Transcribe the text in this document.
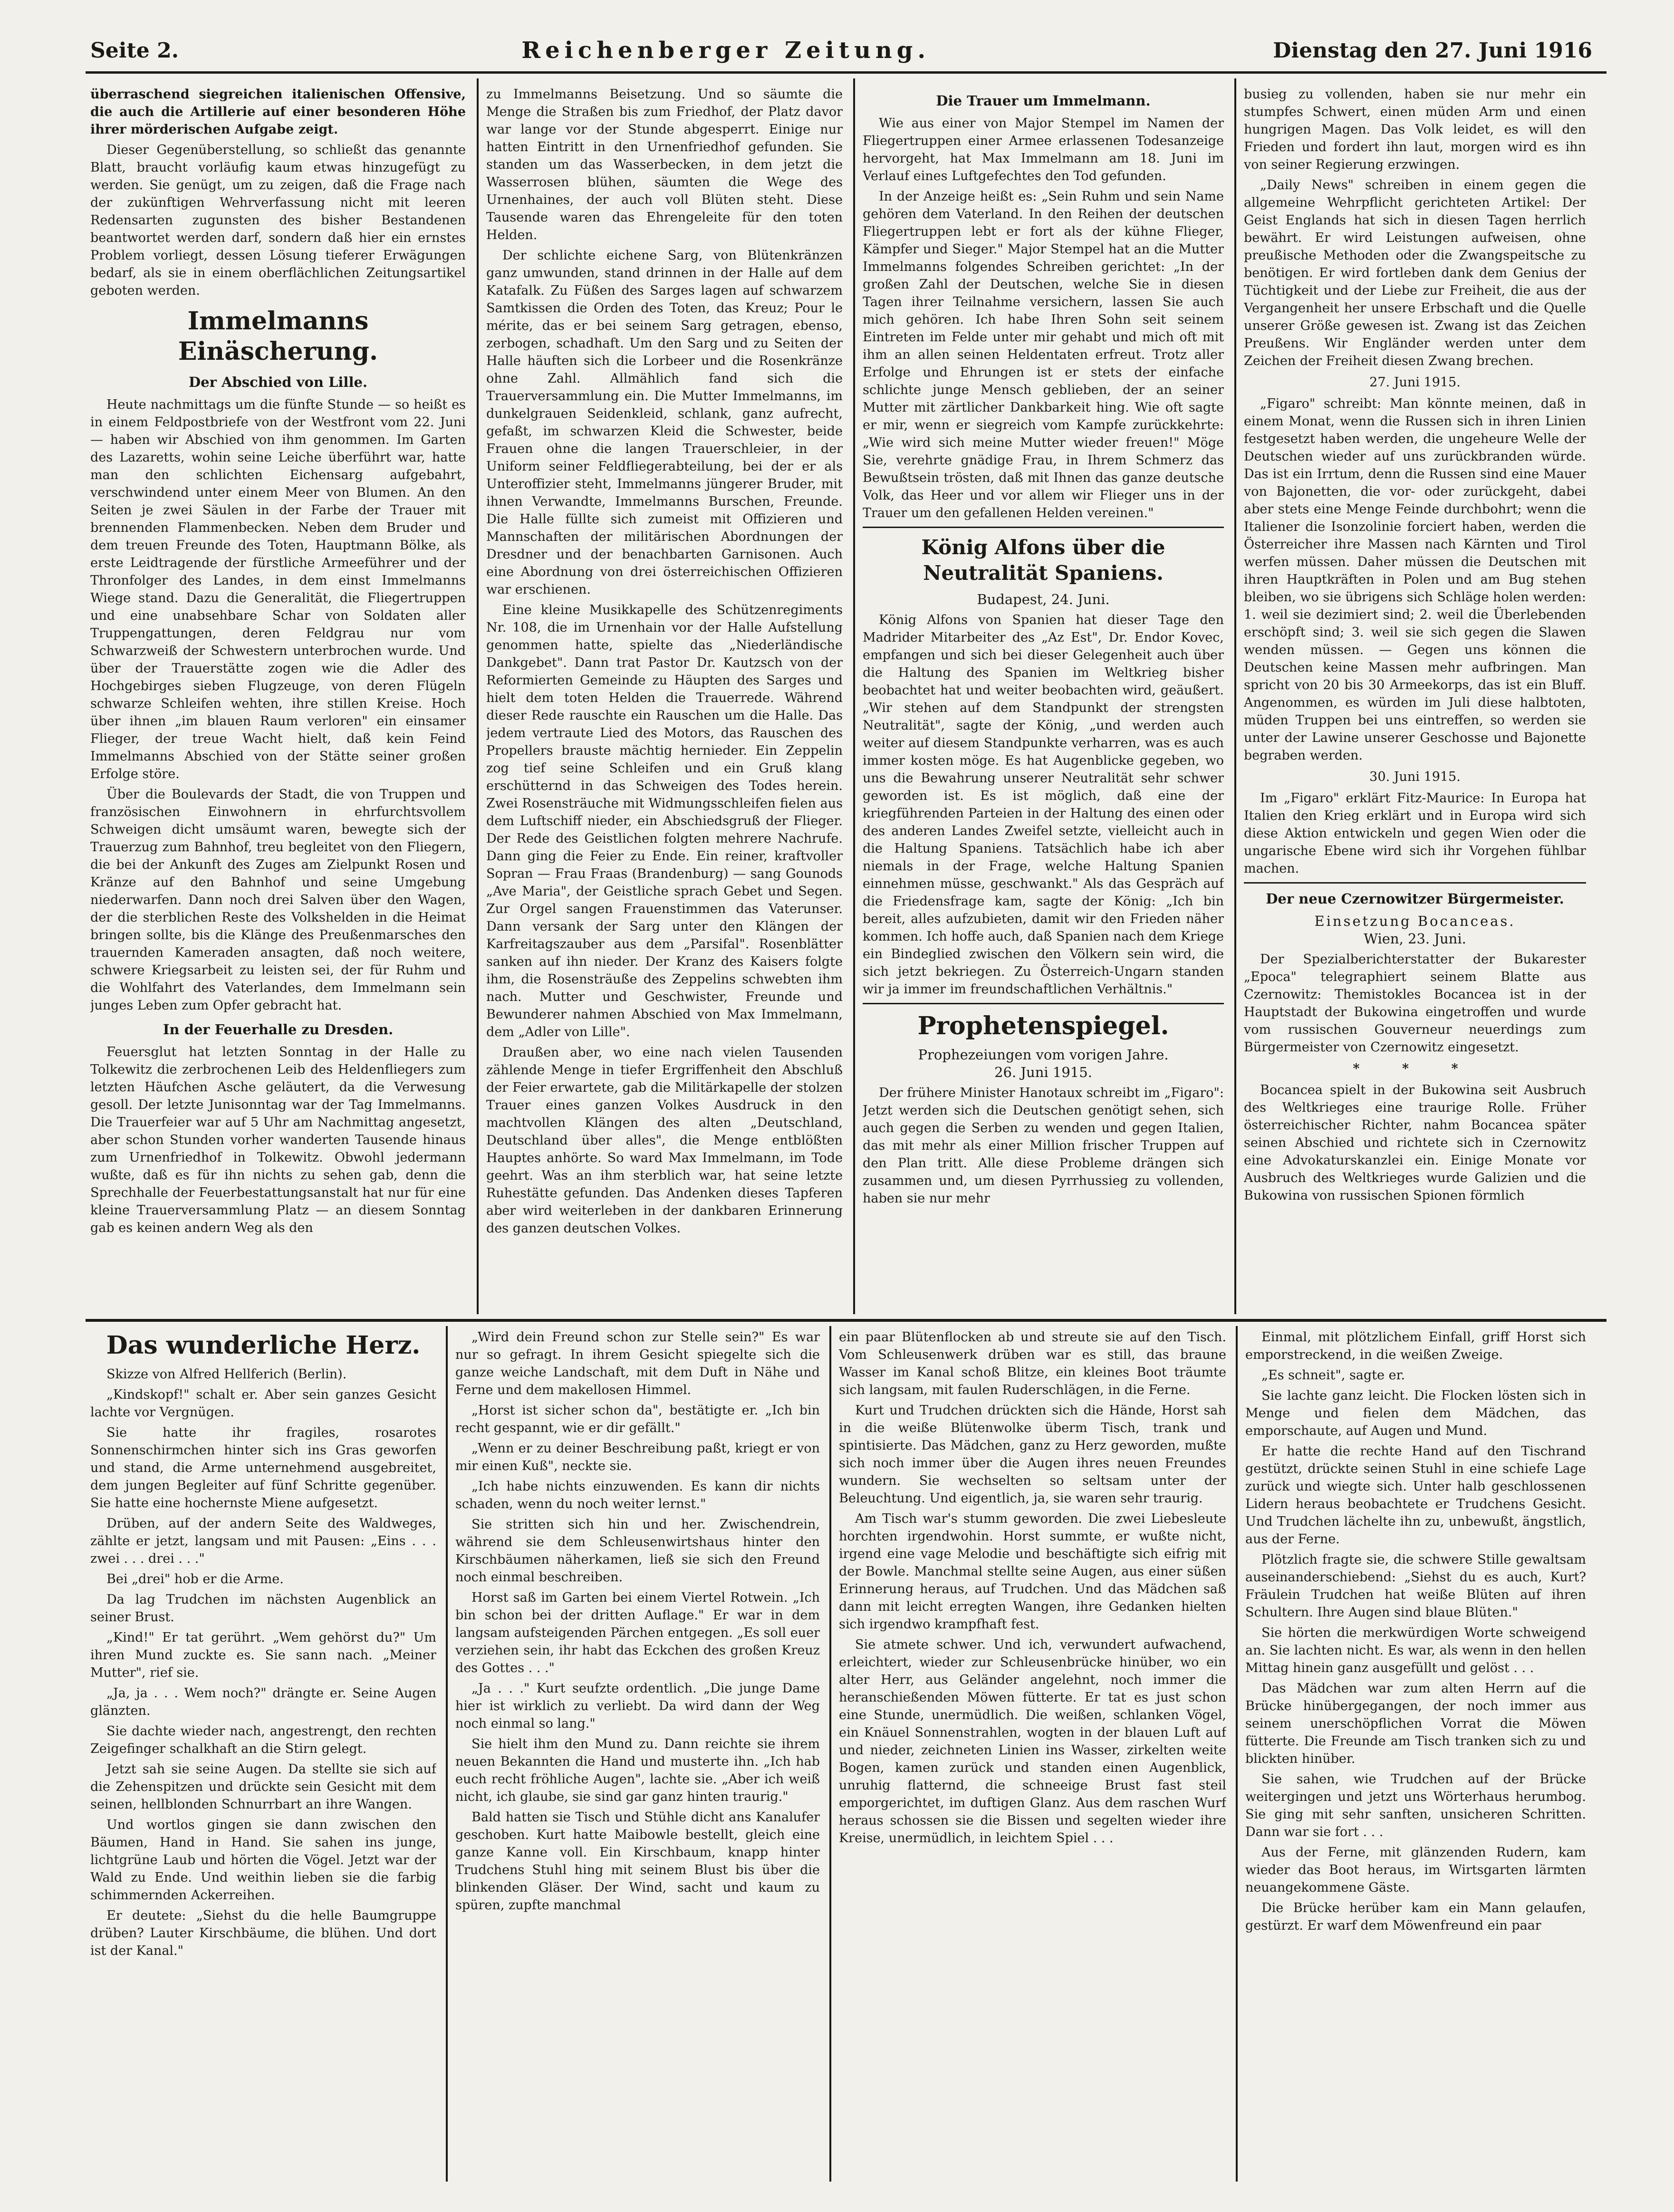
Seite 2.	Reichenberger Zeitung.	Dienstag den 27. Juni 1916

überraschend siegreichen italienischen Offensive, die auch die Artillerie auf einer besonderen Höhe ihrer mörderischen Aufgabe zeigt.

Dieser Gegenüberstellung, so schließt das genannte Blatt, braucht vorläufig kaum etwas hinzugefügt zu werden. Sie genügt, um zu zeigen, daß die Frage nach der zukünftigen Wehrverfassung nicht mit leeren Redensarten zugunsten des bisher Bestandenen beantwortet werden darf, sondern daß hier ein ernstes Problem vorliegt, dessen Lösung tieferer Erwägungen bedarf, als sie in einem oberflächlichen Zeitungsartikel geboten werden.

Immelmanns Einäscherung.
Der Abschied von Lille.

Heute nachmittags um die fünfte Stunde — so heißt es in einem Feldpostbriefe von der Westfront vom 22. Juni — haben wir Abschied von ihm genommen. Im Garten des Lazaretts, wohin seine Leiche überführt war, hatte man den schlichten Eichensarg aufgebahrt, verschwindend unter einem Meer von Blumen. An den Seiten je zwei Säulen in der Farbe der Trauer mit brennenden Flammenbecken. Neben dem Bruder und dem treuen Freunde des Toten, Hauptmann Bölke, als erste Leidtragende der fürstliche Armeeführer und der Thronfolger des Landes, in dem einst Immelmanns Wiege stand. Dazu die Generalität, die Fliegertruppen und eine unabsehbare Schar von Soldaten aller Truppengattungen, deren Feldgrau nur vom Schwarzweiß der Schwestern unterbrochen wurde. Und über der Trauerstätte zogen wie die Adler des Hochgebirges sieben Flugzeuge, von deren Flügeln schwarze Schleifen wehten, ihre stillen Kreise. Hoch über ihnen „im blauen Raum verloren" ein einsamer Flieger, der treue Wacht hielt, daß kein Feind Immelmanns Abschied von der Stätte seiner großen Erfolge störe.

Über die Boulevards der Stadt, die von Truppen und französischen Einwohnern in ehrfurchtsvollem Schweigen dicht umsäumt waren, bewegte sich der Trauerzug zum Bahnhof, treu begleitet von den Fliegern, die bei der Ankunft des Zuges am Zielpunkt Rosen und Kränze auf den Bahnhof und seine Umgebung niederwarfen. Dann noch drei Salven über den Wagen, der die sterblichen Reste des Volkshelden in die Heimat bringen sollte, bis die Klänge des Preußenmarsches den trauernden Kameraden ansagten, daß noch weitere, schwere Kriegsarbeit zu leisten sei, der für Ruhm und die Wohlfahrt des Vaterlandes, dem Immelmann sein junges Leben zum Opfer gebracht hat.

In der Feuerhalle zu Dresden.

Feuersglut hat letzten Sonntag in der Halle zu Tolkewitz die zerbrochenen Leib des Heldenfliegers zum letzten Häufchen Asche geläutert, da die Verwesung gesoll. Der letzte Junisonntag war der Tag Immelmanns. Die Trauerfeier war auf 5 Uhr am Nachmittag angesetzt, aber schon Stunden vorher wanderten Tausende hinaus zum Urnenfriedhof in Tolkewitz. Obwohl jedermann wußte, daß es für ihn nichts zu sehen gab, denn die Sprechhalle der Feuerbestattungsanstalt hat nur für eine kleine Trauerversammlung Platz — an diesem Sonntag gab es keinen andern Weg als den

zu Immelmanns Beisetzung. Und so säumte die Menge die Straßen bis zum Friedhof, der Platz davor war lange vor der Stunde abgesperrt. Einige nur hatten Eintritt in den Urnenfriedhof gefunden. Sie standen um das Wasserbecken, in dem jetzt die Wasserrosen blühen, säumten die Wege des Urnenhaines, der auch voll Blüten steht. Diese Tausende waren das Ehrengeleite für den toten Helden.

Der schlichte eichene Sarg, von Blütenkränzen ganz umwunden, stand drinnen in der Halle auf dem Katafalk. Zu Füßen des Sarges lagen auf schwarzem Samtkissen die Orden des Toten, das Kreuz; Pour le mérite, das er bei seinem Sarg getragen, ebenso, zerbogen, schadhaft. Um den Sarg und zu Seiten der Halle häuften sich die Lorbeer und die Rosenkränze ohne Zahl. Allmählich fand sich die Trauerversammlung ein. Die Mutter Immelmanns, im dunkelgrauen Seidenkleid, schlank, ganz aufrecht, gefaßt, im schwarzen Kleid die Schwester, beide Frauen ohne die langen Trauerschleier, in der Uniform seiner Feldfliegerabteilung, bei der er als Unteroffizier steht, Immelmanns jüngerer Bruder, mit ihnen Verwandte, Immelmanns Burschen, Freunde. Die Halle füllte sich zumeist mit Offizieren und Mannschaften der militärischen Abordnungen der Dresdner und der benachbarten Garnisonen. Auch eine Abordnung von drei österreichischen Offizieren war erschienen.

Eine kleine Musikkapelle des Schützenregiments Nr. 108, die im Urnenhain vor der Halle Aufstellung genommen hatte, spielte das „Niederländische Dankgebet". Dann trat Pastor Dr. Kautzsch von der Reformierten Gemeinde zu Häupten des Sarges und hielt dem toten Helden die Trauerrede. Während dieser Rede rauschte ein Rauschen um die Halle. Das jedem vertraute Lied des Motors, das Rauschen des Propellers brauste mächtig hernieder. Ein Zeppelin zog tief seine Schleifen und ein Gruß klang erschütternd in das Schweigen des Todes herein. Zwei Rosensträuche mit Widmungsschleifen fielen aus dem Luftschiff nieder, ein Abschiedsgruß der Flieger. Der Rede des Geistlichen folgten mehrere Nachrufe. Dann ging die Feier zu Ende. Ein reiner, kraftvoller Sopran — Frau Fraas (Brandenburg) — sang Gounods „Ave Maria", der Geistliche sprach Gebet und Segen. Zur Orgel sangen Frauenstimmen das Vaterunser. Dann versank der Sarg unter den Klängen der Karfreitagszauber aus dem „Parsifal". Rosenblätter sanken auf ihn nieder. Der Kranz des Kaisers folgte ihm, die Rosensträuße des Zeppelins schwebten ihm nach. Mutter und Geschwister, Freunde und Bewunderer nahmen Abschied von Max Immelmann, dem „Adler von Lille".

Draußen aber, wo eine nach vielen Tausenden zählende Menge in tiefer Ergriffenheit den Abschluß der Feier erwartete, gab die Militärkapelle der stolzen Trauer eines ganzen Volkes Ausdruck in den machtvollen Klängen des alten „Deutschland, Deutschland über alles", die Menge entblößten Hauptes anhörte. So ward Max Immelmann, im Tode geehrt. Was an ihm sterblich war, hat seine letzte Ruhestätte gefunden. Das Andenken dieses Tapferen aber wird weiterleben in der dankbaren Erinnerung des ganzen deutschen Volkes.

Die Trauer um Immelmann.

Wie aus einer von Major Stempel im Namen der Fliegertruppen einer Armee erlassenen Todesanzeige hervorgeht, hat Max Immelmann am 18. Juni im Verlauf eines Luftgefechtes den Tod gefunden.

In der Anzeige heißt es: „Sein Ruhm und sein Name gehören dem Vaterland. In den Reihen der deutschen Fliegertruppen lebt er fort als der kühne Flieger, Kämpfer und Sieger." Major Stempel hat an die Mutter Immelmanns folgendes Schreiben gerichtet: „In der großen Zahl der Deutschen, welche Sie in diesen Tagen ihrer Teilnahme versichern, lassen Sie auch mich gehören. Ich habe Ihren Sohn seit seinem Eintreten im Felde unter mir gehabt und mich oft mit ihm an allen seinen Heldentaten erfreut. Trotz aller Erfolge und Ehrungen ist er stets der einfache schlichte junge Mensch geblieben, der an seiner Mutter mit zärtlicher Dankbarkeit hing. Wie oft sagte er mir, wenn er siegreich vom Kampfe zurückkehrte: „Wie wird sich meine Mutter wieder freuen!" Möge Sie, verehrte gnädige Frau, in Ihrem Schmerz das Bewußtsein trösten, daß mit Ihnen das ganze deutsche Volk, das Heer und vor allem wir Flieger uns in der Trauer um den gefallenen Helden vereinen."

König Alfons über die Neutralität Spaniens.
Budapest, 24. Juni.

König Alfons von Spanien hat dieser Tage den Madrider Mitarbeiter des „Az Est", Dr. Endor Kovec, empfangen und sich bei dieser Gelegenheit auch über die Haltung des Spanien im Weltkrieg bisher beobachtet hat und weiter beobachten wird, geäußert. „Wir stehen auf dem Standpunkt der strengsten Neutralität", sagte der König, „und werden auch weiter auf diesem Standpunkte verharren, was es auch immer kosten möge. Es hat Augenblicke gegeben, wo uns die Bewahrung unserer Neutralität sehr schwer geworden ist. Es ist möglich, daß eine der kriegführenden Parteien in der Haltung des einen oder des anderen Landes Zweifel setzte, vielleicht auch in die Haltung Spaniens. Tatsächlich habe ich aber niemals in der Frage, welche Haltung Spanien einnehmen müsse, geschwankt." Als das Gespräch auf die Friedensfrage kam, sagte der König: „Ich bin bereit, alles aufzubieten, damit wir den Frieden näher kommen. Ich hoffe auch, daß Spanien nach dem Kriege ein Bindeglied zwischen den Völkern sein wird, die sich jetzt bekriegen. Zu Österreich-Ungarn standen wir ja immer im freundschaftlichen Verhältnis."

Prophetenspiegel.
Prophezeiungen vom vorigen Jahre.
26. Juni 1915.

Der frühere Minister Hanotaux schreibt im „Figaro": Jetzt werden sich die Deutschen genötigt sehen, sich auch gegen die Serben zu wenden und gegen Italien, das mit mehr als einer Million frischer Truppen auf den Plan tritt. Alle diese Probleme drängen sich zusammen und, um diesen Pyrrhussieg zu vollenden, haben sie nur mehr

busieg zu vollenden, haben sie nur mehr ein stumpfes Schwert, einen müden Arm und einen hungrigen Magen. Das Volk leidet, es will den Frieden und fordert ihn laut, morgen wird es ihn von seiner Regierung erzwingen.

„Daily News" schreiben in einem gegen die allgemeine Wehrpflicht gerichteten Artikel: Der Geist Englands hat sich in diesen Tagen herrlich bewährt. Er wird Leistungen aufweisen, ohne preußische Methoden oder die Zwangspeitsche zu benötigen. Er wird fortleben dank dem Genius der Tüchtigkeit und der Liebe zur Freiheit, die aus der Vergangenheit her unsere Erbschaft und die Quelle unserer Größe gewesen ist. Zwang ist das Zeichen Preußens. Wir Engländer werden unter dem Zeichen der Freiheit diesen Zwang brechen.

27. Juni 1915.

„Figaro" schreibt: Man könnte meinen, daß in einem Monat, wenn die Russen sich in ihren Linien festgesetzt haben werden, die ungeheure Welle der Deutschen wieder auf uns zurückbranden würde. Das ist ein Irrtum, denn die Russen sind eine Mauer von Bajonetten, die vor- oder zurückgeht, dabei aber stets eine Menge Feinde durchbohrt; wenn die Italiener die Isonzolinie forciert haben, werden die Österreicher ihre Massen nach Kärnten und Tirol werfen müssen. Daher müssen die Deutschen mit ihren Hauptkräften in Polen und am Bug stehen bleiben, wo sie übrigens sich Schläge holen werden: 1. weil sie dezimiert sind; 2. weil die Überlebenden erschöpft sind; 3. weil sie sich gegen die Slawen wenden müssen. — Gegen uns können die Deutschen keine Massen mehr aufbringen. Man spricht von 20 bis 30 Armeekorps, das ist ein Bluff. Angenommen, es würden im Juli diese halbtoten, müden Truppen bei uns eintreffen, so werden sie unter der Lawine unserer Geschosse und Bajonette begraben werden.

30. Juni 1915.

Im „Figaro" erklärt Fitz-Maurice: In Europa hat Italien den Krieg erklärt und in Europa wird sich diese Aktion entwickeln und gegen Wien oder die ungarische Ebene wird sich ihr Vorgehen fühlbar machen.

Der neue Czernowitzer Bürgermeister.
Einsetzung Bocanceas.
Wien, 23. Juni.

Der Spezialberichterstatter der Bukarester „Epoca" telegraphiert seinem Blatte aus Czernowitz: Themistokles Bocancea ist in der Hauptstadt der Bukowina eingetroffen und wurde vom russischen Gouverneur neuerdings zum Bürgermeister von Czernowitz eingesetzt.

* * *

Bocancea spielt in der Bukowina seit Ausbruch des Weltkrieges eine traurige Rolle. Früher österreichischer Richter, nahm Bocancea später seinen Abschied und richtete sich in Czernowitz eine Advokaturskanzlei ein. Einige Monate vor Ausbruch des Weltkrieges wurde Galizien und die Bukowina von russischen Spionen förmlich

Das wunderliche Herz.

Skizze von Alfred Hellferich (Berlin).

„Kindskopf!" schalt er. Aber sein ganzes Gesicht lachte vor Vergnügen.

Sie hatte ihr fragiles, rosarotes Sonnenschirmchen hinter sich ins Gras geworfen und stand, die Arme unternehmend ausgebreitet, dem jungen Begleiter auf fünf Schritte gegenüber. Sie hatte eine hochernste Miene aufgesetzt.

Drüben, auf der andern Seite des Waldweges, zählte er jetzt, langsam und mit Pausen: „Eins . . . zwei . . . drei . . ."

Bei „drei" hob er die Arme.

Da lag Trudchen im nächsten Augenblick an seiner Brust.

„Kind!" Er tat gerührt. „Wem gehörst du?" Um ihren Mund zuckte es. Sie sann nach. „Meiner Mutter", rief sie.

„Ja, ja . . . Wem noch?" drängte er. Seine Augen glänzten.

Sie dachte wieder nach, angestrengt, den rechten Zeigefinger schalkhaft an die Stirn gelegt.

Jetzt sah sie seine Augen. Da stellte sie sich auf die Zehenspitzen und drückte sein Gesicht mit dem seinen, hellblonden Schnurrbart an ihre Wangen.

Und wortlos gingen sie dann zwischen den Bäumen, Hand in Hand. Sie sahen ins junge, lichtgrüne Laub und hörten die Vögel. Jetzt war der Wald zu Ende. Und weithin lieben sie die farbig schimmernden Ackerreihen.

Er deutete: „Siehst du die helle Baumgruppe drüben? Lauter Kirschbäume, die blühen. Und dort ist der Kanal."

„Wird dein Freund schon zur Stelle sein?" Es war nur so gefragt. In ihrem Gesicht spiegelte sich die ganze weiche Landschaft, mit dem Duft in Nähe und Ferne und dem makellosen Himmel.

„Horst ist sicher schon da", bestätigte er. „Ich bin recht gespannt, wie er dir gefällt."

„Wenn er zu deiner Beschreibung paßt, kriegt er von mir einen Kuß", neckte sie.

„Ich habe nichts einzuwenden. Es kann dir nichts schaden, wenn du noch weiter lernst."

Sie stritten sich hin und her. Zwischendrein, während sie dem Schleusenwirtshaus hinter den Kirschbäumen näherkamen, ließ sie sich den Freund noch einmal beschreiben.

Horst saß im Garten bei einem Viertel Rotwein. „Ich bin schon bei der dritten Auflage." Er war in dem langsam aufsteigenden Pärchen entgegen. „Es soll euer verziehen sein, ihr habt das Eckchen des großen Kreuz des Gottes . . ."

„Ja . . ." Kurt seufzte ordentlich. „Die junge Dame hier ist wirklich zu verliebt. Da wird dann der Weg noch einmal so lang."

Sie hielt ihm den Mund zu. Dann reichte sie ihrem neuen Bekannten die Hand und musterte ihn. „Ich hab euch recht fröhliche Augen", lachte sie. „Aber ich weiß nicht, ich glaube, sie sind gar ganz hinten traurig."

Bald hatten sie Tisch und Stühle dicht ans Kanalufer geschoben. Kurt hatte Maibowle bestellt, gleich eine ganze Kanne voll. Ein Kirschbaum, knapp hinter Trudchens Stuhl hing mit seinem Blust bis über die blinkenden Gläser. Der Wind, sacht und kaum zu spüren, zupfte manchmal

ein paar Blütenflocken ab und streute sie auf den Tisch. Vom Schleusenwerk drüben war es still, das braune Wasser im Kanal schoß Blitze, ein kleines Boot träumte sich langsam, mit faulen Ruderschlägen, in die Ferne.

Kurt und Trudchen drückten sich die Hände, Horst sah in die weiße Blütenwolke überm Tisch, trank und spintisierte. Das Mädchen, ganz zu Herz geworden, mußte sich noch immer über die Augen ihres neuen Freundes wundern. Sie wechselten so seltsam unter der Beleuchtung. Und eigentlich, ja, sie waren sehr traurig.

Am Tisch war's stumm geworden. Die zwei Liebesleute horchten irgendwohin. Horst summte, er wußte nicht, irgend eine vage Melodie und beschäftigte sich eifrig mit der Bowle. Manchmal stellte seine Augen, aus einer süßen Erinnerung heraus, auf Trudchen. Und das Mädchen saß dann mit leicht erregten Wangen, ihre Gedanken hielten sich irgendwo krampfhaft fest.

Sie atmete schwer. Und ich, verwundert aufwachend, erleichtert, wieder zur Schleusenbrücke hinüber, wo ein alter Herr, aus Geländer angelehnt, noch immer die heranschießenden Möwen fütterte. Er tat es just schon eine Stunde, unermüdlich. Die weißen, schlanken Vögel, ein Knäuel Sonnenstrahlen, wogten in der blauen Luft auf und nieder, zeichneten Linien ins Wasser, zirkelten weite Bogen, kamen zurück und standen einen Augenblick, unruhig flatternd, die schneeige Brust fast steil emporgerichtet, im duftigen Glanz. Aus dem raschen Wurf heraus schossen sie die Bissen und segelten wieder ihre Kreise, unermüdlich, in leichtem Spiel . . .

Einmal, mit plötzlichem Einfall, griff Horst sich emporstreckend, in die weißen Zweige.

„Es schneit", sagte er.

Sie lachte ganz leicht. Die Flocken lösten sich in Menge und fielen dem Mädchen, das emporschaute, auf Augen und Mund.

Er hatte die rechte Hand auf den Tischrand gestützt, drückte seinen Stuhl in eine schiefe Lage zurück und wiegte sich. Unter halb geschlossenen Lidern heraus beobachtete er Trudchens Gesicht. Und Trudchen lächelte ihn zu, unbewußt, ängstlich, aus der Ferne.

Plötzlich fragte sie, die schwere Stille gewaltsam auseinanderschiebend: „Siehst du es auch, Kurt? Fräulein Trudchen hat weiße Blüten auf ihren Schultern. Ihre Augen sind blaue Blüten."

Sie hörten die merkwürdigen Worte schweigend an. Sie lachten nicht. Es war, als wenn in den hellen Mittag hinein ganz ausgefüllt und gelöst . . .

Das Mädchen war zum alten Herrn auf die Brücke hinübergegangen, der noch immer aus seinem unerschöpflichen Vorrat die Möwen fütterte. Die Freunde am Tisch tranken sich zu und blickten hinüber.

Sie sahen, wie Trudchen auf der Brücke weitergingen und jetzt uns Wörterhaus herumbog. Sie ging mit sehr sanften, unsicheren Schritten. Dann war sie fort . . .

Aus der Ferne, mit glänzenden Rudern, kam wieder das Boot heraus, im Wirtsgarten lärmten neuangekommene Gäste.

Die Brücke herüber kam ein Mann gelaufen, gestürzt. Er warf dem Möwenfreund ein paar
